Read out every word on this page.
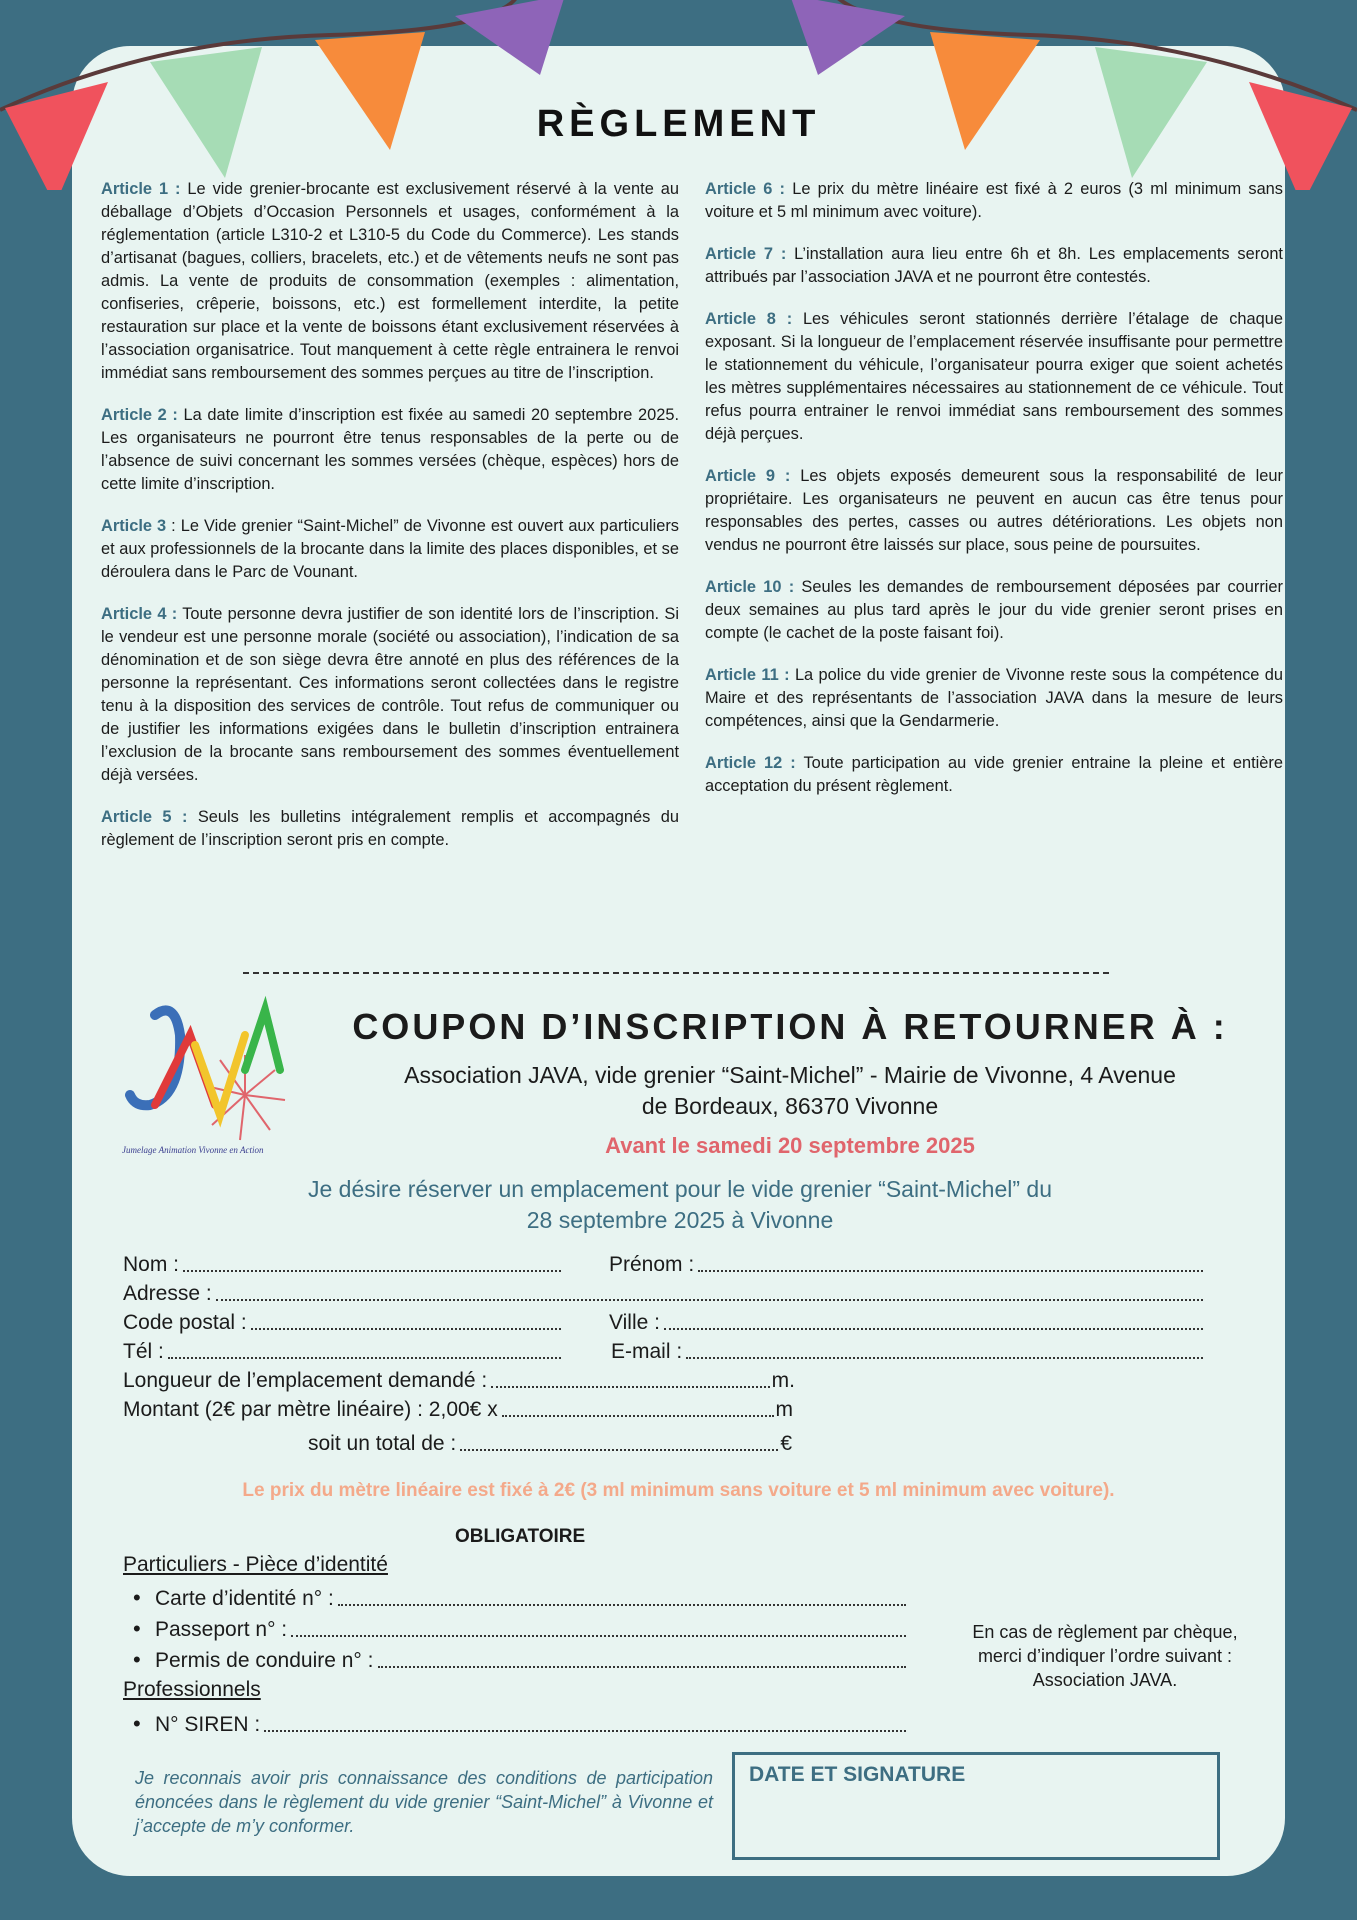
RÈGLEMENT

Article 1 : Le vide grenier-brocante est exclusivement réservé à la vente au déballage d’Objets d’Occasion Personnels et usages, conformément à la réglementation (article L310-2 et L310-5 du Code du Commerce). Les stands d’artisanat (bagues, colliers, bracelets, etc.) et de vêtements neufs ne sont pas admis. La vente de produits de consommation (exemples : alimentation, confiseries, crêperie, boissons, etc.) est formellement interdite, la petite restauration sur place et la vente de boissons étant exclusivement réservées à l’association organisatrice. Tout manquement à cette règle entrainera le renvoi immédiat sans remboursement des sommes perçues au titre de l’inscription.

Article 2 : La date limite d’inscription est fixée au samedi 20 septembre 2025. Les organisateurs ne pourront être tenus responsables de la perte ou de l’absence de suivi concernant les sommes versées (chèque, espèces) hors de cette limite d’inscription.

Article 3 : Le Vide grenier “Saint-Michel” de Vivonne est ouvert aux particuliers et aux professionnels de la brocante dans la limite des places disponibles, et se déroulera dans le Parc de Vounant.

Article 4 : Toute personne devra justifier de son identité lors de l’inscription. Si le vendeur est une personne morale (société ou association), l’indication de sa dénomination et de son siège devra être annoté en plus des références de la personne la représentant. Ces informations seront collectées dans le registre tenu à la disposition des services de contrôle. Tout refus de communiquer ou de justifier les informations exigées dans le bulletin d’inscription entrainera l’exclusion de la brocante sans remboursement des sommes éventuellement déjà versées.

Article 5 : Seuls les bulletins intégralement remplis et accompagnés du règlement de l’inscription seront pris en compte.

Article 6 : Le prix du mètre linéaire est fixé à 2 euros (3 ml minimum sans voiture et 5 ml minimum avec voiture).

Article 7 : L’installation aura lieu entre 6h et 8h. Les emplacements seront attribués par l’association JAVA et ne pourront être contestés.

Article 8 : Les véhicules seront stationnés derrière l’étalage de chaque exposant. Si la longueur de l’emplacement réservée insuffisante pour permettre le stationnement du véhicule, l’organisateur pourra exiger que soient achetés les mètres supplémentaires nécessaires au stationnement de ce véhicule. Tout refus pourra entrainer le renvoi immédiat sans remboursement des sommes déjà perçues.

Article 9 : Les objets exposés demeurent sous la responsabilité de leur propriétaire. Les organisateurs ne peuvent en aucun cas être tenus pour responsables des pertes, casses ou autres détériorations. Les objets non vendus ne pourront être laissés sur place, sous peine de poursuites.

Article 10 : Seules les demandes de remboursement déposées par courrier deux semaines au plus tard après le jour du vide grenier seront prises en compte (le cachet de la poste faisant foi).

Article 11 : La police du vide grenier de Vivonne reste sous la compétence du Maire et des représentants de l’association JAVA dans la mesure de leurs compétences, ainsi que la Gendarmerie.

Article 12 : Toute participation au vide grenier entraine la pleine et entière acceptation du présent règlement.

Jumelage Animation Vivonne en Action
COUPON D’INSCRIPTION À RETOURNER À :
Association JAVA, vide grenier “Saint-Michel” - Mairie de Vivonne, 4 Avenue
de Bordeaux, 86370 Vivonne
Avant le samedi 20 septembre 2025
Je désire réserver un emplacement pour le vide grenier “Saint-Michel” du
28 septembre 2025 à Vivonne
Nom :	Prénom :
Adresse :
Code postal :	Ville :
Tél :	E-mail :
Longueur de l’emplacement demandé :	m.
Montant (2€ par mètre linéaire) : 2,00€ x	m
soit un total de :	€
Le prix du mètre linéaire est fixé à 2€ (3 ml minimum sans voiture et 5 ml minimum avec voiture).
OBLIGATOIRE
Particuliers - Pièce d’identité
• Carte d’identité n° :
• Passeport n° :
• Permis de conduire n° :
Professionnels
• N° SIREN :
En cas de règlement par chèque,
merci d’indiquer l’ordre suivant :
Association JAVA.
Je reconnais avoir pris connaissance des conditions de participation énoncées dans le règlement du vide grenier “Saint-Michel” à Vivonne et j’accepte de m’y conformer.
DATE ET SIGNATURE
